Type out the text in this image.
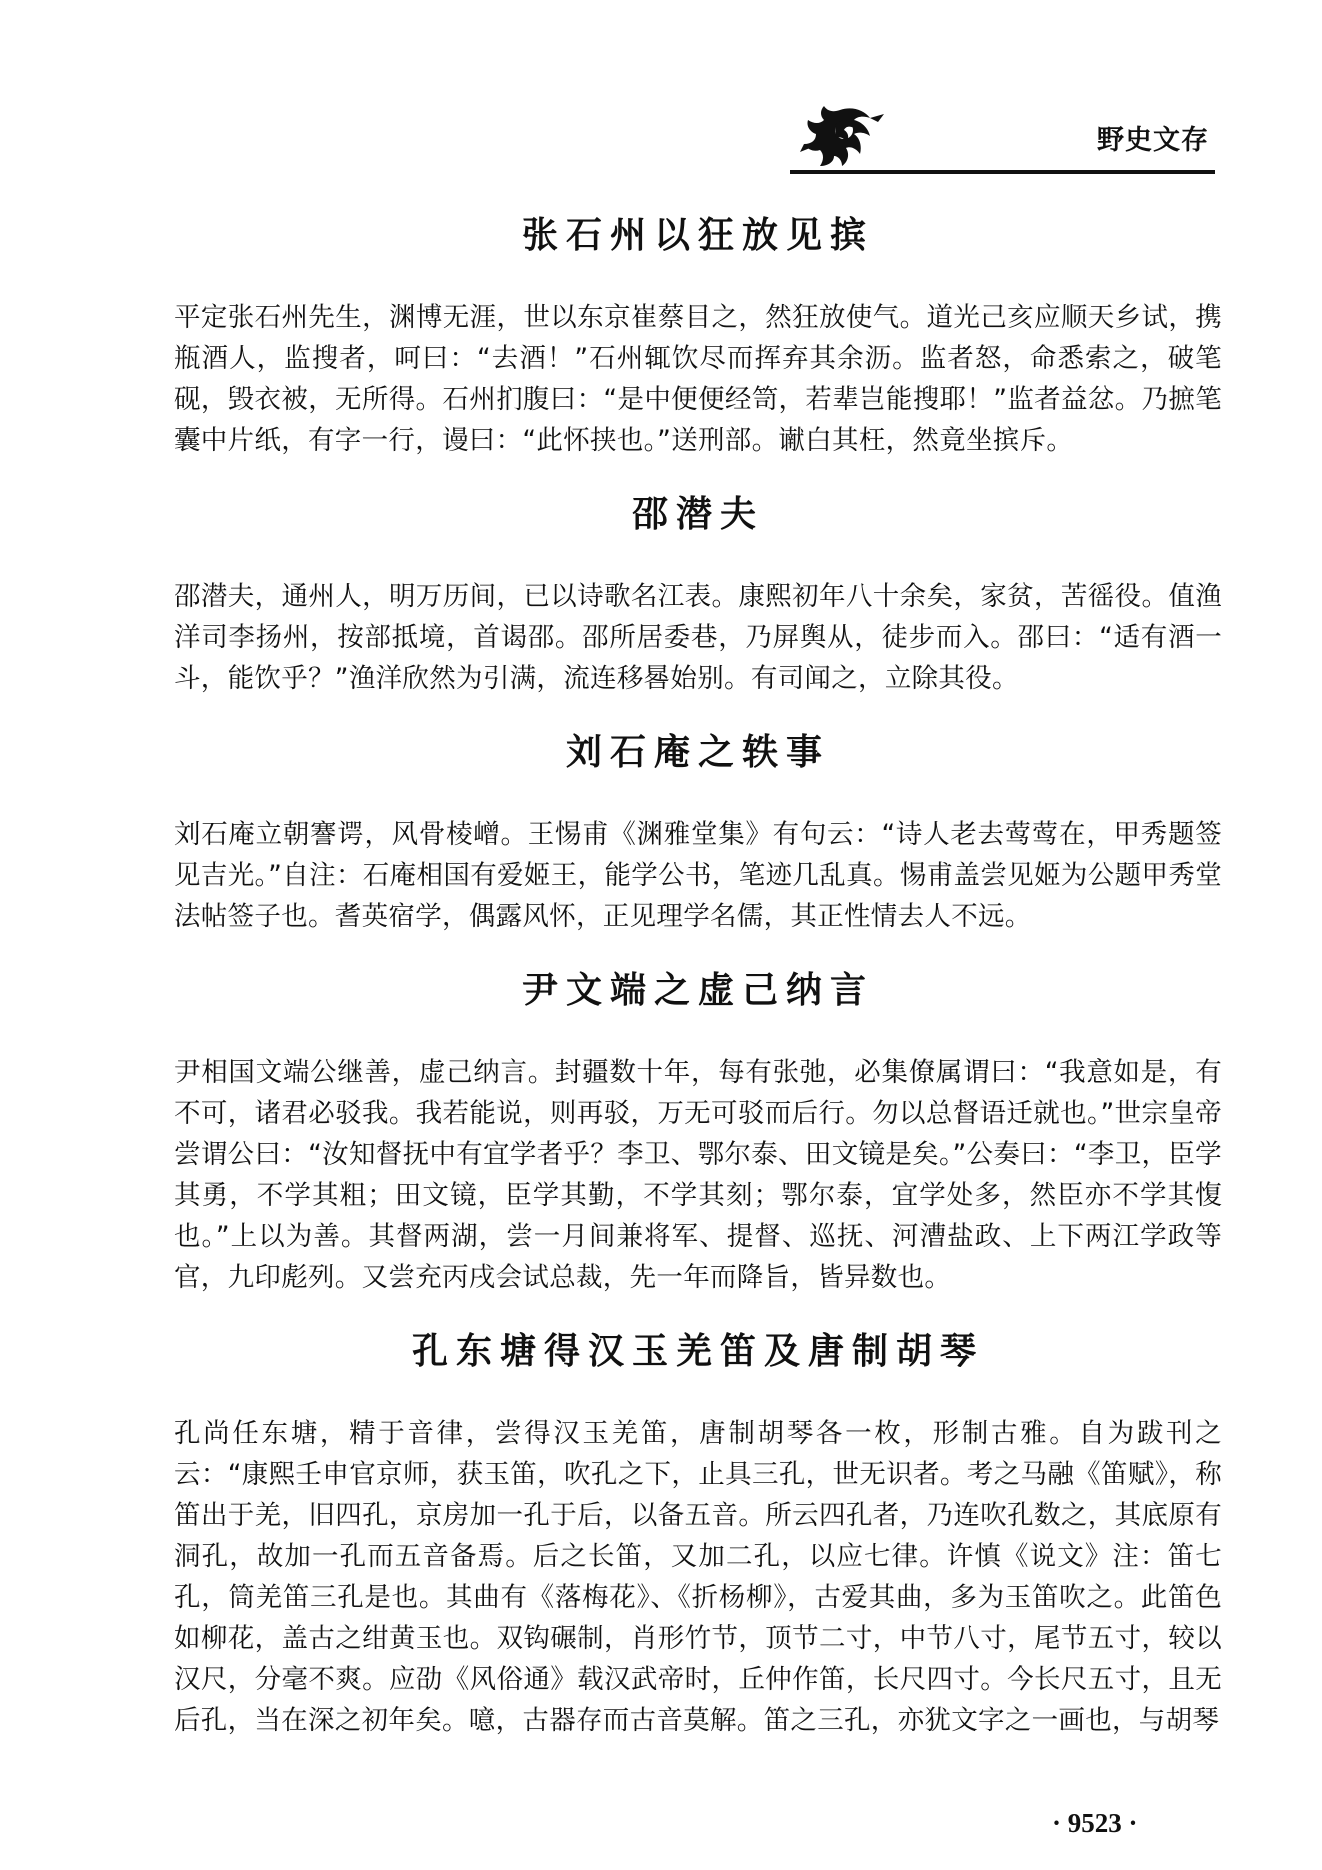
野史文存
张石州以狂放见摈

平定张石州先生，渊博无涯，世以东京崔蔡目之，然狂放使气。道光己亥应顺天乡试，携瓶酒人，监搜者，呵曰：“去酒！”石州辄饮尽而挥弃其余沥。监者怒，命悉索之，破笔砚，毁衣被，无所得。石州扪腹曰：“是中便便经笥，若辈岂能搜耶！”监者益忿。乃摭笔囊中片纸，有字一行，谩曰：“此怀挟也。”送刑部。谳白其枉，然竟坐摈斥。

邵潜夫

邵潜夫，通州人，明万历间，已以诗歌名江表。康熙初年八十余矣，家贫，苦徭役。值渔洋司李扬州，按部抵境，首谒邵。邵所居委巷，乃屏舆从，徒步而入。邵曰：“适有酒一斗，能饮乎？”渔洋欣然为引满，流连移晷始别。有司闻之，立除其役。

刘石庵之轶事

刘石庵立朝謇谔，风骨棱嶒。王惕甫《渊雅堂集》有句云：“诗人老去莺莺在，甲秀题签见吉光。”自注：石庵相国有爱姬王，能学公书，笔迹几乱真。惕甫盖尝见姬为公题甲秀堂法帖签子也。耆英宿学，偶露风怀，正见理学名儒，其正性情去人不远。

尹文端之虚己纳言

尹相国文端公继善，虚己纳言。封疆数十年，每有张弛，必集僚属谓曰：“我意如是，有不可，诸君必驳我。我若能说，则再驳，万无可驳而后行。勿以总督语迁就也。”世宗皇帝尝谓公曰：“汝知督抚中有宜学者乎？李卫、鄂尔泰、田文镜是矣。”公奏曰：“李卫，臣学其勇，不学其粗；田文镜，臣学其勤，不学其刻；鄂尔泰，宜学处多，然臣亦不学其愎也。”上以为善。其督两湖，尝一月间兼将军、提督、巡抚、河漕盐政、上下两江学政等官，九印彪列。又尝充丙戌会试总裁，先一年而降旨，皆异数也。

孔东塘得汉玉羌笛及唐制胡琴

孔尚任东塘，精于音律，尝得汉玉羌笛，唐制胡琴各一枚，形制古雅。自为跋刊之云：“康熙壬申官京师，获玉笛，吹孔之下，止具三孔，世无识者。考之马融《笛赋》，称笛出于羌，旧四孔，京房加一孔于后，以备五音。所云四孔者，乃连吹孔数之，其底原有洞孔，故加一孔而五音备焉。后之长笛，又加二孔，以应七律。许慎《说文》注：笛七孔，筒羌笛三孔是也。其曲有《落梅花》、《折杨柳》，古爱其曲，多为玉笛吹之。此笛色如柳花，盖古之绀黄玉也。双钩碾制，肖形竹节，顶节二寸，中节八寸，尾节五寸，较以汉尺，分毫不爽。应劭《风俗通》载汉武帝时，丘仲作笛，长尺四寸。今长尺五寸，且无后孔，当在深之初年矣。噫，古器存而古音莫解。笛之三孔，亦犹文字之一画也，与胡琴

· 9523 ·
